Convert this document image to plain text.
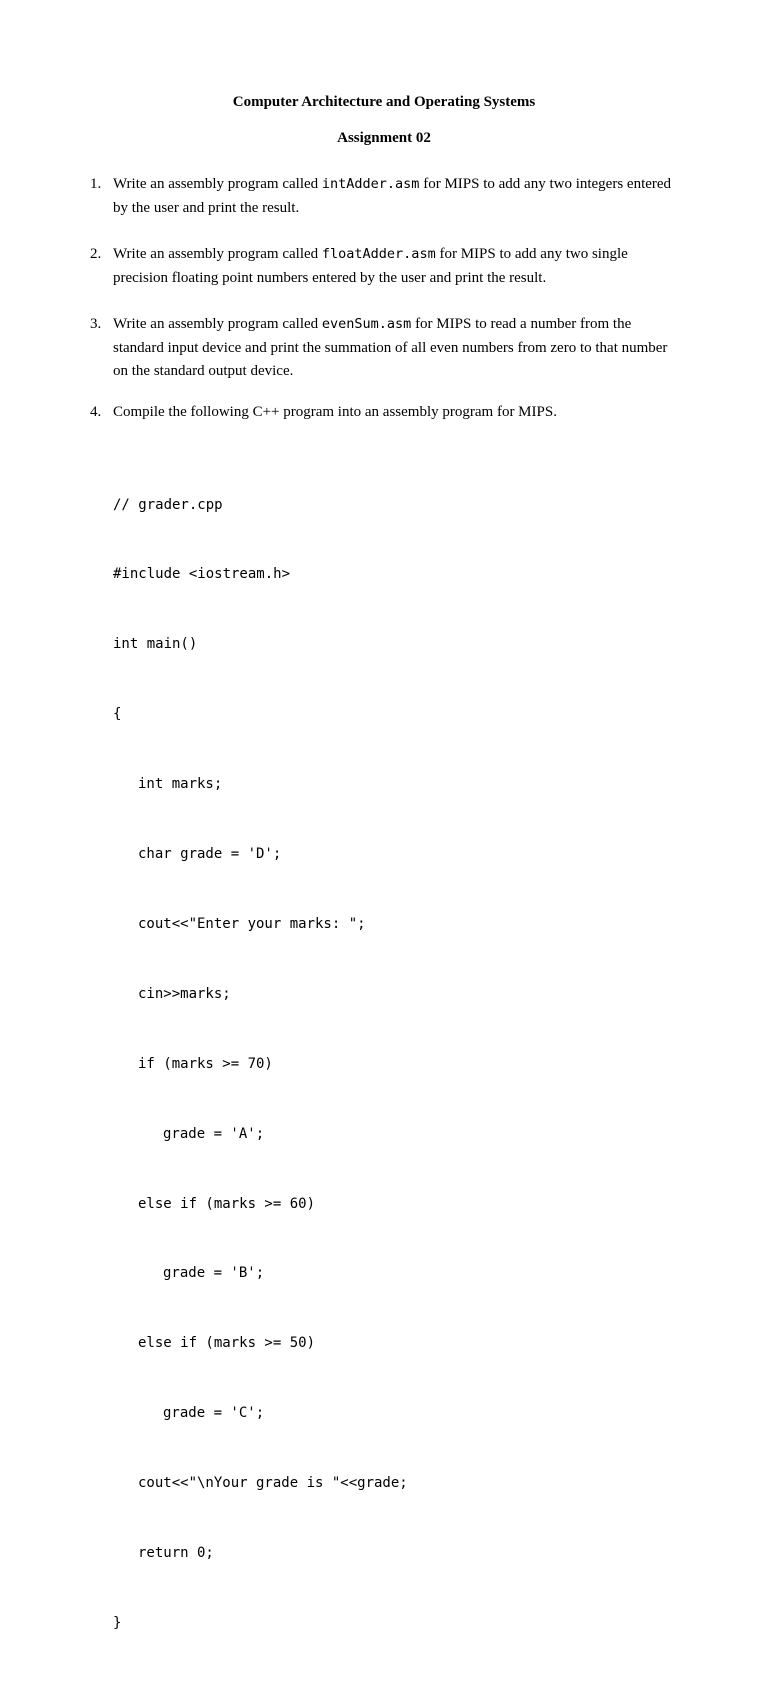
Computer Architecture and Operating Systems
Assignment 02
1. Write an assembly program called intAdder.asm for MIPS to add any two integers entered
by the user and print the result.
2. Write an assembly program called floatAdder.asm for MIPS to add any two single
precision floating point numbers entered by the user and print the result.
3. Write an assembly program called evenSum.asm for MIPS to read a number from the
standard input device and print the summation of all even numbers from zero to that number
on the standard output device.
4. Compile the following C++ program into an assembly program for MIPS.

// grader.cpp

#include <iostream.h>

int main()

{

int marks;

char grade = 'D';

cout<<"Enter your marks: ";

cin>>marks;

if (marks >= 70)

grade = 'A';

else if (marks >= 60)

grade = 'B';

else if (marks >= 50)

grade = 'C';

cout<<"\nYour grade is "<<grade;

return 0;

}
